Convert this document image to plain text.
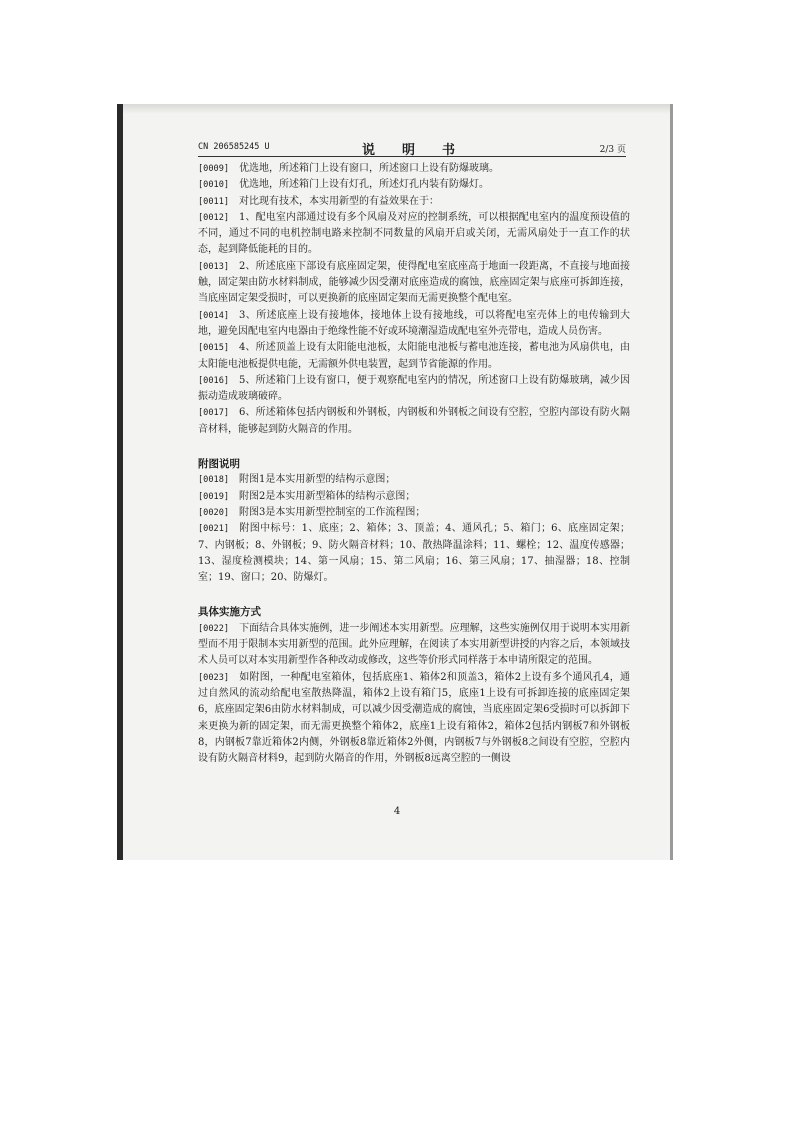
CN 206585245 U	说　明　书	2/3 页

[0009] 优选地，所述箱门上设有窗口，所述窗口上设有防爆玻璃。

[0010] 优选地，所述箱门上设有灯孔，所述灯孔内装有防爆灯。

[0011] 对比现有技术，本实用新型的有益效果在于：

[0012] 1、配电室内部通过设有多个风扇及对应的控制系统，可以根据配电室内的温度预设值的不同，通过不同的电机控制电路来控制不同数量的风扇开启或关闭，无需风扇处于一直工作的状态，起到降低能耗的目的。

[0013] 2、所述底座下部设有底座固定架，使得配电室底座高于地面一段距离，不直接与地面接触，固定架由防水材料制成，能够减少因受潮对底座造成的腐蚀，底座固定架与底座可拆卸连接，当底座固定架受损时，可以更换新的底座固定架而无需更换整个配电室。

[0014] 3、所述底座上设有接地体，接地体上设有接地线，可以将配电室壳体上的电传输到大地，避免因配电室内电器由于绝缘性能不好或环境潮湿造成配电室外壳带电，造成人员伤害。

[0015] 4、所述顶盖上设有太阳能电池板，太阳能电池板与蓄电池连接，蓄电池为风扇供电，由太阳能电池板提供电能，无需额外供电装置，起到节省能源的作用。

[0016] 5、所述箱门上设有窗口，便于观察配电室内的情况，所述窗口上设有防爆玻璃，减少因振动造成玻璃破碎。

[0017] 6、所述箱体包括内钢板和外钢板，内钢板和外钢板之间设有空腔，空腔内部设有防火隔音材料，能够起到防火隔音的作用。

附图说明

[0018] 附图1是本实用新型的结构示意图；

[0019] 附图2是本实用新型箱体的结构示意图；

[0020] 附图3是本实用新型控制室的工作流程图；

[0021] 附图中标号：1、底座；2、箱体；3、顶盖；4、通风孔；5、箱门；6、底座固定架；7、内钢板；8、外钢板；9、防火隔音材料；10、散热降温涂料；11、螺栓；12、温度传感器；13、湿度检测模块；14、第一风扇；15、第二风扇；16、第三风扇；17、抽湿器；18、控制室；19、窗口；20、防爆灯。

具体实施方式

[0022] 下面结合具体实施例，进一步阐述本实用新型。应理解，这些实施例仅用于说明本实用新型而不用于限制本实用新型的范围。此外应理解，在阅读了本实用新型讲授的内容之后，本领域技术人员可以对本实用新型作各种改动或修改，这些等价形式同样落于本申请所限定的范围。

[0023] 如附图，一种配电室箱体，包括底座1、箱体2和顶盖3，箱体2上设有多个通风孔4，通过自然风的流动给配电室散热降温，箱体2上设有箱门5，底座1上设有可拆卸连接的底座固定架6，底座固定架6由防水材料制成，可以减少因受潮造成的腐蚀，当底座固定架6受损时可以拆卸下来更换为新的固定架，而无需更换整个箱体2，底座1上设有箱体2，箱体2包括内钢板7和外钢板8，内钢板7靠近箱体2内侧，外钢板8靠近箱体2外侧，内钢板7与外钢板8之间设有空腔，空腔内设有防火隔音材料9，起到防火隔音的作用，外钢板8远离空腔的一侧设

4
